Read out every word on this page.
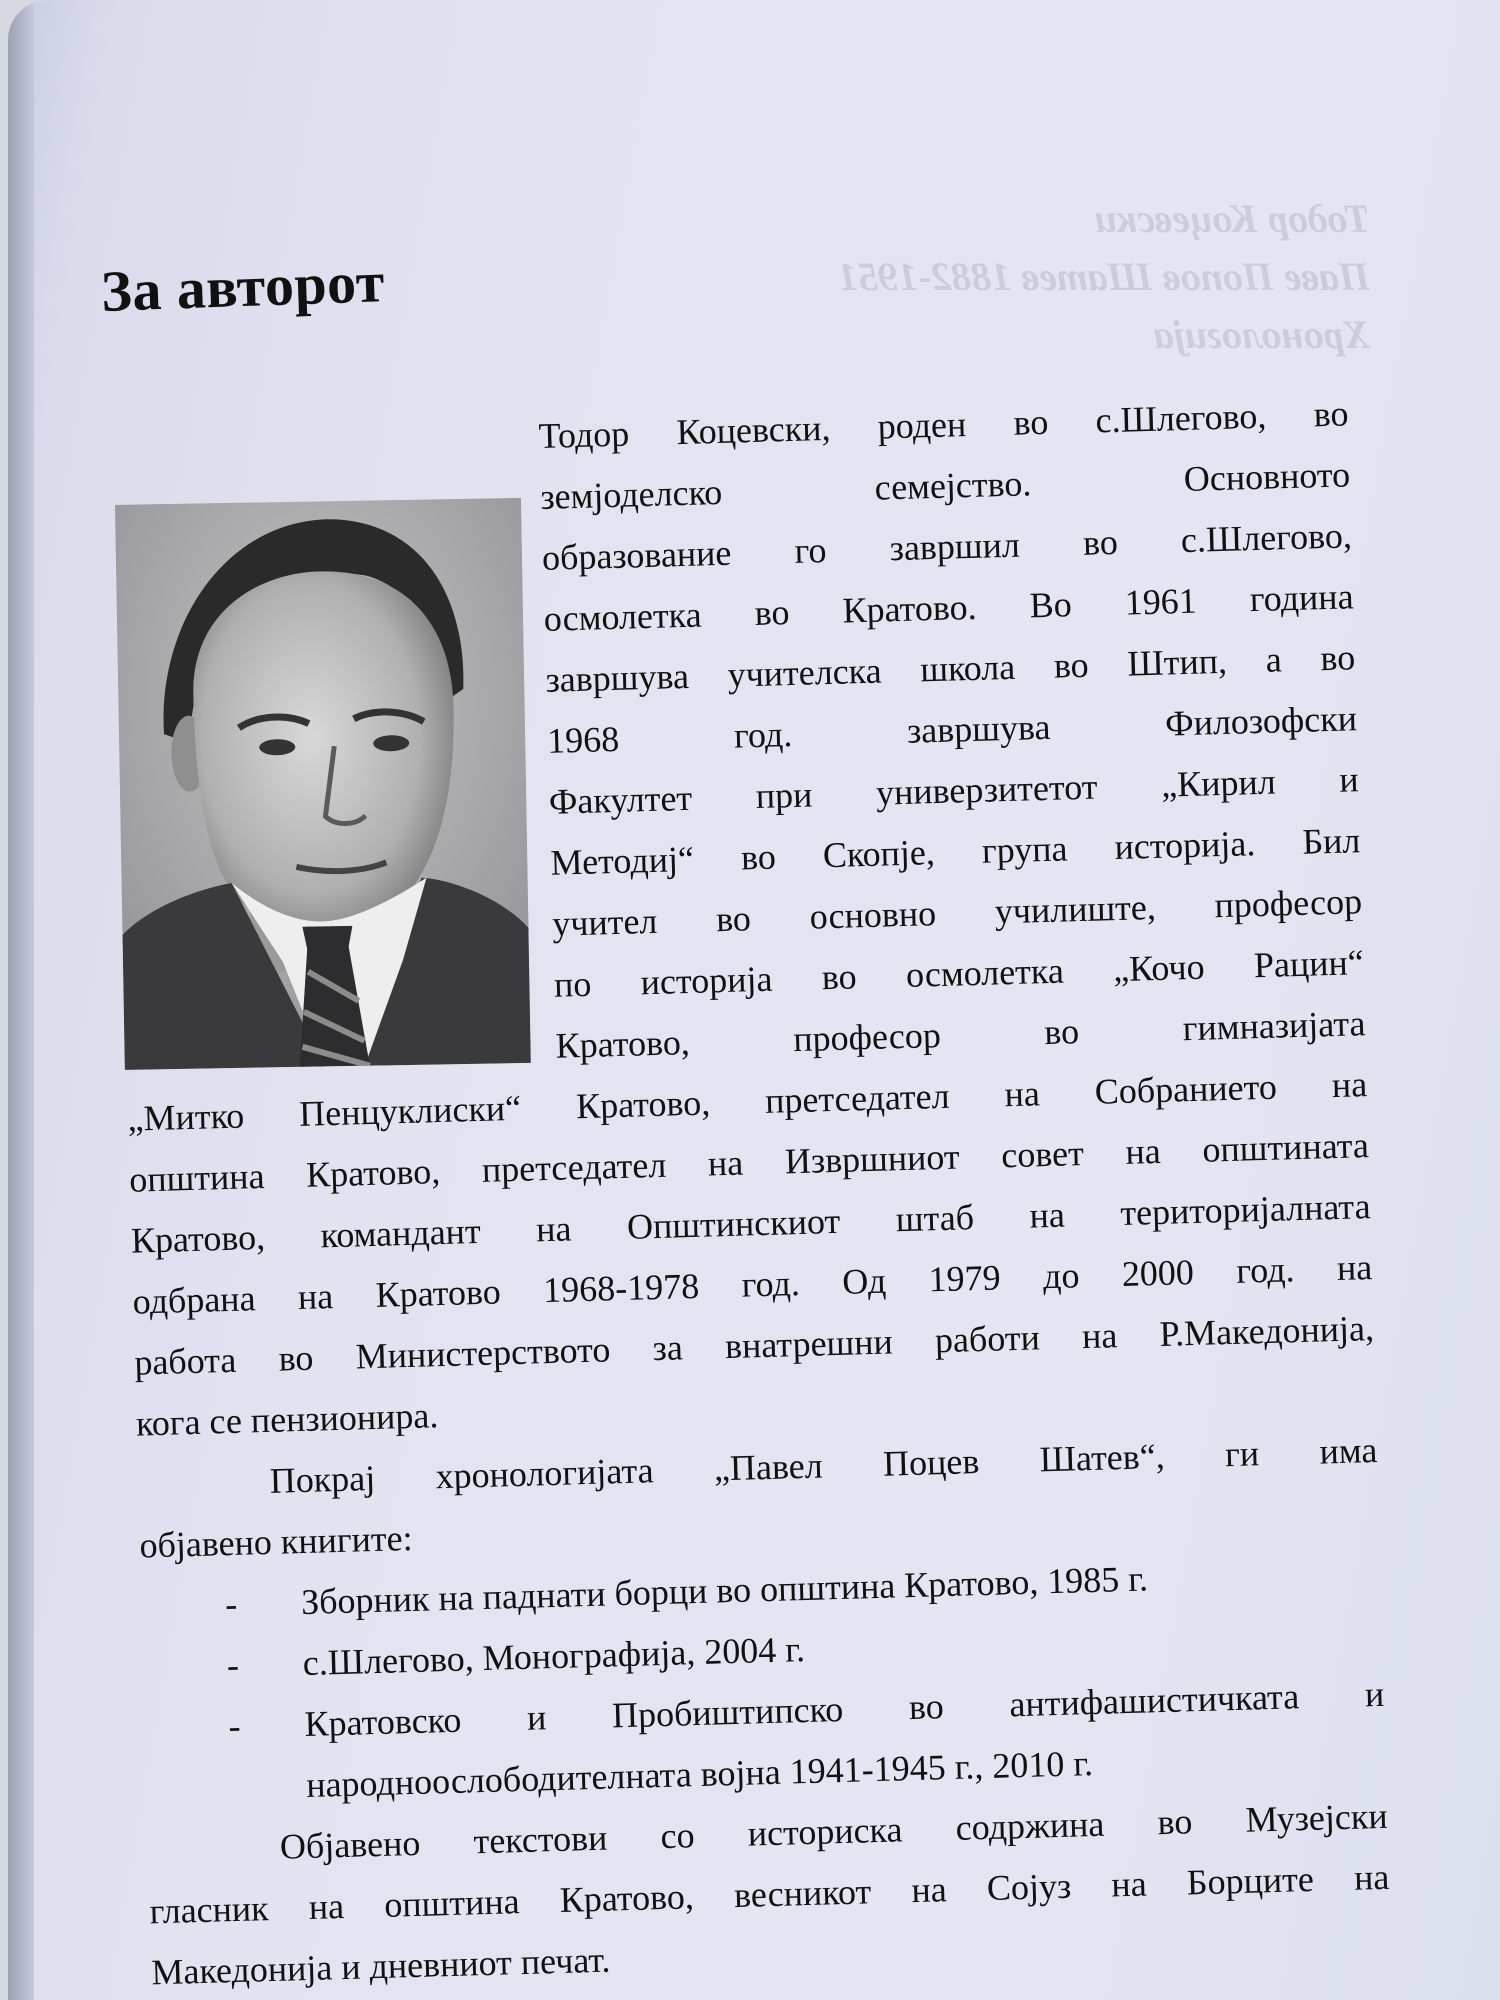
Тодор Коцевски
Паве Попов Шатев 1882-1951
Хронологија
За авторот
Тодор Коцевски, роден во с.Шлегово, во
земјоделско семејство. Основното
образование го завршил во с.Шлегово,
осмолетка во Кратово. Во 1961 година
завршува учителска школа во Штип, а во
1968 год. завршува Филозофски
Факултет при универзитетот „Кирил и
Методиј“ во Скопје, група историја. Бил
учител во основно училиште, професор
по историја во осмолетка „Кочо Рацин“
Кратово, професор во гимназијата
„Митко Пенцуклиски“ Кратово, претседател на Собранието на
општина Кратово, претседател на Извршниот совет на општината
Кратово, командант на Општинскиот штаб на територијалната
одбрана на Кратово 1968-1978 год. Од 1979 до 2000 год. на
работа во Министерството за внатрешни работи на Р.Македонија,
кога се пензионира.
Покрај хронологијата „Павел Поцев Шатев“, ги има
објавено книгите:
- Зборник на паднати борци во општина Кратово, 1985 г.
- с.Шлегово, Монографија, 2004 г.
- Кратовско и Пробиштипско во антифашистичката и
народноослободителната војна 1941-1945 г., 2010 г.
Објавено текстови со историска содржина во Музејски
гласник на општина Кратово, весникот на Сојуз на Борците на
Македонија и дневниот печат.
